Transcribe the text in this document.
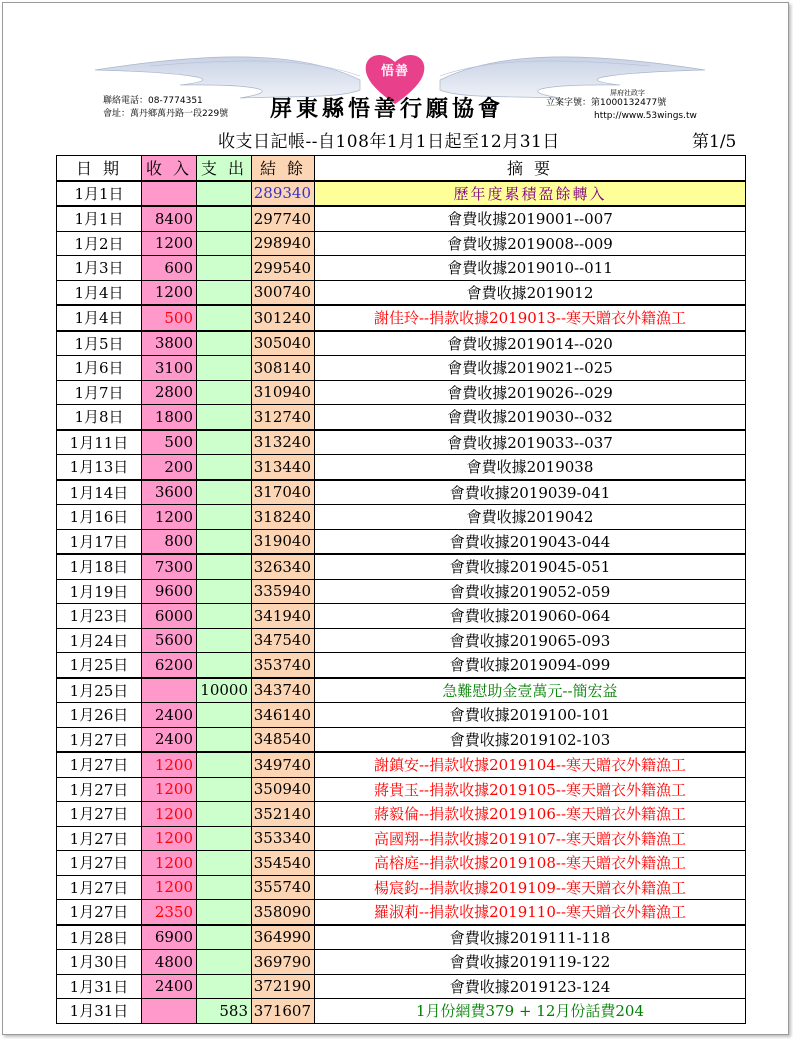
悟善
聯絡電話：08-7774351
會址：萬丹鄉萬丹路一段229號 屏東縣悟善行願協會
屏府社政字
立案字號：第1000132477號
http://www.53wings.tw
收支日記帳--自108年1月1日起至12月31日	第1/5
日 期	收 入	支 出	結 餘	摘 要
1月1日			289340	歷年度累積盈餘轉入
1月1日	8400		297740	會費收據2019001--007
1月2日	1200		298940	會費收據2019008--009
1月3日	600		299540	會費收據2019010--011
1月4日	1200		300740	會費收據2019012
1月4日	500		301240	謝佳玲--捐款收據2019013--寒天贈衣外籍漁工
1月5日	3800		305040	會費收據2019014--020
1月6日	3100		308140	會費收據2019021--025
1月7日	2800		310940	會費收據2019026--029
1月8日	1800		312740	會費收據2019030--032
1月11日	500		313240	會費收據2019033--037
1月13日	200		313440	會費收據2019038
1月14日	3600		317040	會費收據2019039-041
1月16日	1200		318240	會費收據2019042
1月17日	800		319040	會費收據2019043-044
1月18日	7300		326340	會費收據2019045-051
1月19日	9600		335940	會費收據2019052-059
1月23日	6000		341940	會費收據2019060-064
1月24日	5600		347540	會費收據2019065-093
1月25日	6200		353740	會費收據2019094-099
1月25日		10000	343740	急難慰助金壹萬元--簡宏益
1月26日	2400		346140	會費收據2019100-101
1月27日	2400		348540	會費收據2019102-103
1月27日	1200		349740	謝鎮安--捐款收據2019104--寒天贈衣外籍漁工
1月27日	1200		350940	蔣貴玉--捐款收據2019105--寒天贈衣外籍漁工
1月27日	1200		352140	蔣毅倫--捐款收據2019106--寒天贈衣外籍漁工
1月27日	1200		353340	高國翔--捐款收據2019107--寒天贈衣外籍漁工
1月27日	1200		354540	高榕庭--捐款收據2019108--寒天贈衣外籍漁工
1月27日	1200		355740	楊宸鈞--捐款收據2019109--寒天贈衣外籍漁工
1月27日	2350		358090	羅淑莉--捐款收據2019110--寒天贈衣外籍漁工
1月28日	6900		364990	會費收據2019111-118
1月30日	4800		369790	會費收據2019119-122
1月31日	2400		372190	會費收據2019123-124
1月31日		583	371607	1月份網費379 + 12月份話費204
